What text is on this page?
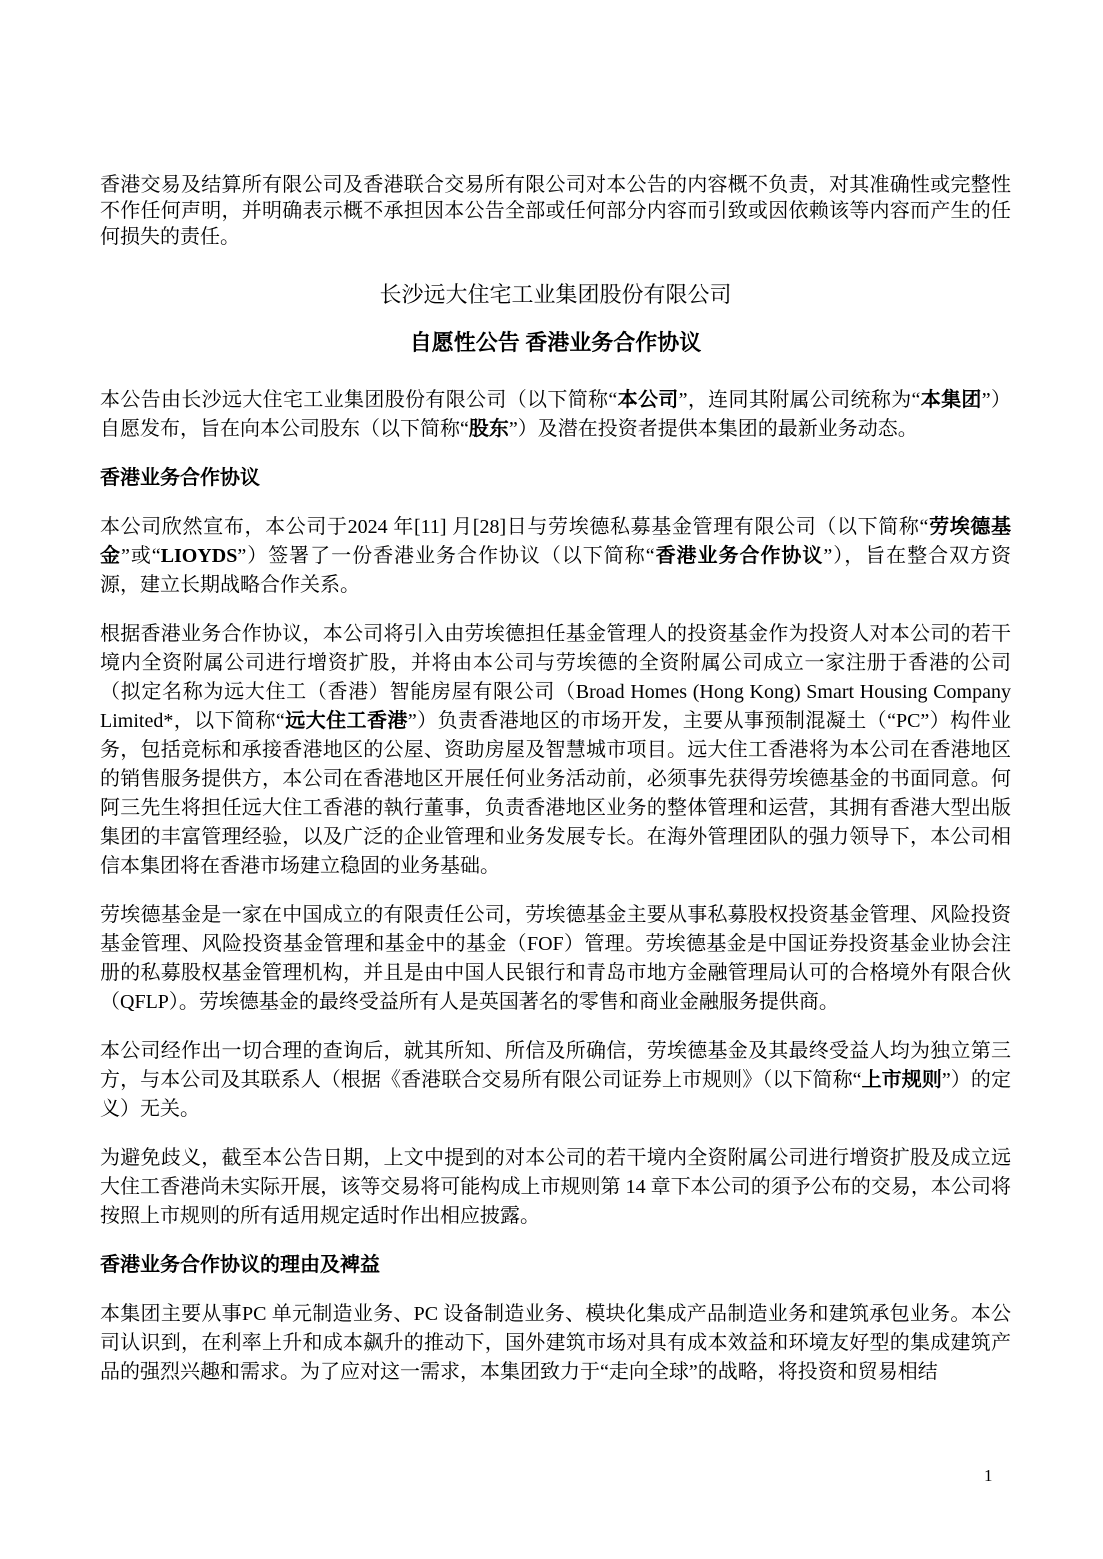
香港交易及结算所有限公司及香港联合交易所有限公司对本公告的内容概不负责，对其准确性或完整性不作任何声明，并明确表示概不承担因本公告全部或任何部分内容而引致或因依赖该等内容而产生的任何损失的责任。

长沙远大住宅工业集团股份有限公司
自愿性公告 香港业务合作协议

本公告由长沙远大住宅工业集团股份有限公司（以下简称“本公司”，连同其附属公司统称为“本集团”）自愿发布，旨在向本公司股东（以下简称“股东”）及潜在投资者提供本集团的最新业务动态。

香港业务合作协议

本公司欣然宣布，本公司于2024 年[11] 月[28]日与劳埃德私募基金管理有限公司（以下简称“劳埃德基金”或“LIOYDS”）签署了一份香港业务合作协议（以下简称“香港业务合作协议”），旨在整合双方资源，建立长期战略合作关系。

根据香港业务合作协议，本公司将引入由劳埃德担任基金管理人的投资基金作为投资人对本公司的若干境内全资附属公司进行增资扩股，并将由本公司与劳埃德的全资附属公司成立一家注册于香港的公司（拟定名称为远大住工（香港）智能房屋有限公司（Broad Homes (Hong Kong) Smart Housing Company Limited*，以下简称“远大住工香港”）负责香港地区的市场开发，主要从事预制混凝土（“PC”）构件业务，包括竞标和承接香港地区的公屋、资助房屋及智慧城市项目。远大住工香港将为本公司在香港地区的销售服务提供方，本公司在香港地区开展任何业务活动前，必须事先获得劳埃德基金的书面同意。何阿三先生将担任远大住工香港的執行董事，负责香港地区业务的整体管理和运营，其拥有香港大型出版集团的丰富管理经验，以及广泛的企业管理和业务发展专长。在海外管理团队的强力领导下，本公司相信本集团将在香港市场建立稳固的业务基础。

劳埃德基金是一家在中国成立的有限责任公司，劳埃德基金主要从事私募股权投资基金管理、风险投资基金管理、风险投资基金管理和基金中的基金（FOF）管理。劳埃德基金是中国证券投资基金业协会注册的私募股权基金管理机构，并且是由中国人民银行和青岛市地方金融管理局认可的合格境外有限合伙（QFLP）。劳埃德基金的最终受益所有人是英国著名的零售和商业金融服务提供商。

本公司经作出一切合理的查询后，就其所知、所信及所确信，劳埃德基金及其最终受益人均为独立第三方，与本公司及其联系人（根据《香港联合交易所有限公司证券上市规则》（以下简称“上市规则”）的定义）无关。

为避免歧义，截至本公告日期，上文中提到的对本公司的若干境内全资附属公司进行增资扩股及成立远大住工香港尚未实际开展，该等交易将可能构成上市规则第 14 章下本公司的須予公布的交易，本公司将按照上市规则的所有适用规定适时作出相应披露。

香港业务合作协议的理由及裨益

本集团主要从事PC 单元制造业务、PC 设备制造业务、模块化集成产品制造业务和建筑承包业务。本公司认识到，在利率上升和成本飙升的推动下，国外建筑市场对具有成本效益和环境友好型的集成建筑产品的强烈兴趣和需求。为了应对这一需求，本集团致力于“走向全球”的战略，将投资和贸易相结

1
